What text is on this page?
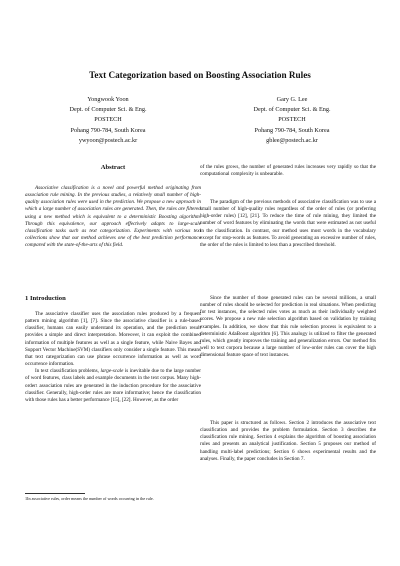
Text Categorization based on Boosting Association Rules
Yongwook Yoon
Dept. of Computer Sci. & Eng.
POSTECH
Pohang 790-784, South Korea
ywyoon@postech.ac.kr
Gary G. Lee
Dept. of Computer Sci. & Eng.
POSTECH
Pohang 790-784, South Korea
gblee@postech.ac.kr
Abstract

Associative classification is a novel and powerful method originating from association rule mining. In the previous studies, a relatively small number of high-quality association rules were used in the prediction. We propose a new approach in which a large number of association rules are generated. Then, the rules are filtered using a new method which is equivalent to a deterministic Boosting algorithm. Through this equivalence, our approach effectively adapts to large-scale classification tasks such as text categorization. Experiments with various text collections show that our method achieves one of the best prediction performance compared with the state-of-the-arts of this field.

1 Introduction

The associative classifier uses the association rules produced by a frequent pattern mining algorithm [1], [7]. Since the associative classifier is a rule-based classifier, humans can easily understand its operation, and the prediction result provides a simple and direct interpretation. Moreover, it can exploit the combined information of multiple features as well as a single feature, while Naive Bayes and Support Vector Machine(SVM) classifiers only consider a single feature. This means that text categorization can use phrase occurrence information as well as word occurrence information.

In text classification problems, large-scale is inevitable due to the large number of word features, class labels and example documents in the text corpus. Many high-order$^1$ association rules are generated in the induction procedure for the associative classifier. Generally, high-order rules are more informative; hence the classification with those rules has a better performance [15], [22]. However, as the order

1In associative rules, order means the number of words occurring in the rule.

of the rules grows, the number of generated rules increases very rapidly so that the computational complexity is unbearable.

The paradigm of the previous methods of associative classification was to use a small number of high-quality rules regardless of the order of rules (or preferring high-order rules) [12], [21]. To reduce the time of rule mining, they limited the number of word features by eliminating the words that were estimated as not useful in the classification. In contrast, our method uses most words in the vocabulary except for stop-words as features. To avoid generating an excessive number of rules, the order of the rules is limited to less than a prescribed threshold.

Since the number of those generated rules can be several millions, a small number of rules should be selected for prediction in real situations. When predicting for test instances, the selected rules votes as much as their individually weighted scores. We propose a new rule selection algorithm based on validation by training examples. In addition, we show that this rule selection process is equivalent to a deterministic AdaBoost algorithm [6]. This analogy is utilized to filter the generated rules, which greatly improves the training and generalization errors. Our method fits well to text corpora because a large number of low-order rules can cover the high dimensional feature space of text instances.

This paper is structured as follows. Section 2 introduces the associative text classification and provides the problem formulation. Section 3 describes the classification rule mining. Section 4 explains the algorithm of boosting association rules and presents an analytical justification. Section 5 proposes our method of handling multi-label predictions; Section 6 shows experimental results and the analyses. Finally, the paper concludes in Section 7.
